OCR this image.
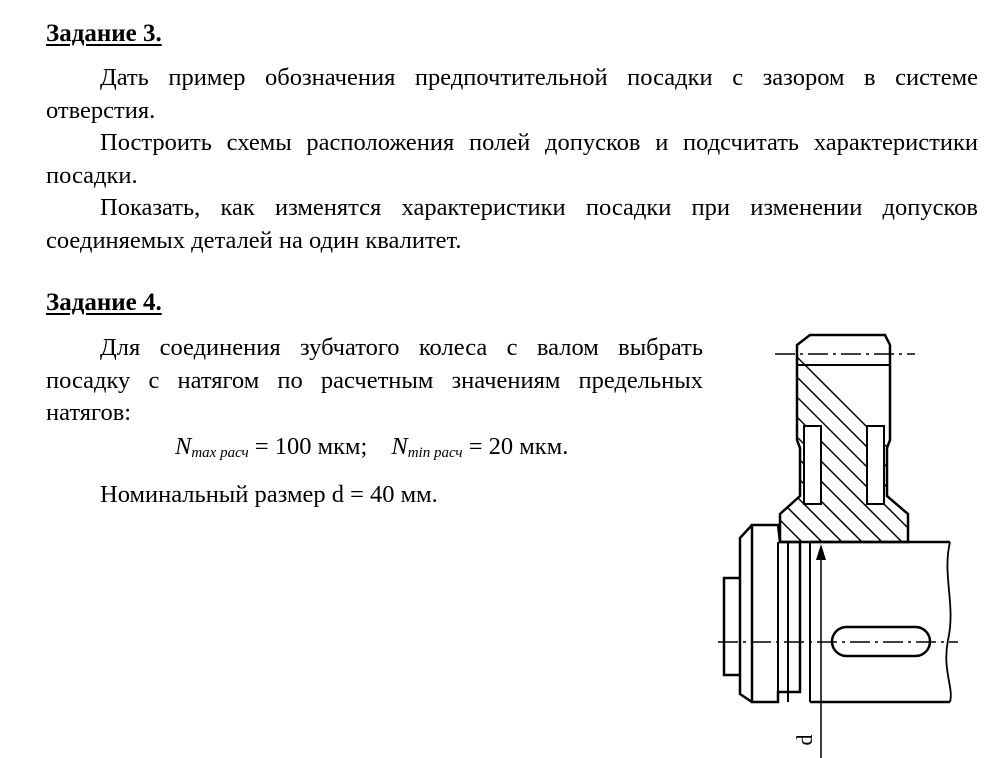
Задание 3.

Дать пример обозначения предпочтительной посадки с зазором в системе отверстия.

Построить схемы расположения полей допусков и подсчитать характеристики посадки.

Показать, как изменятся характеристики посадки при изменении допусков соединяемых деталей на один квалитет.

Задание 4.

Для соединения зубчатого колеса с валом выбрать посадку с натягом по расчетным значениям предельных натягов:

$N_{max расч} = 100$ мкм; $N_{min расч} = 20$ мкм.

Номинальный размер d = 40 мм.

d
